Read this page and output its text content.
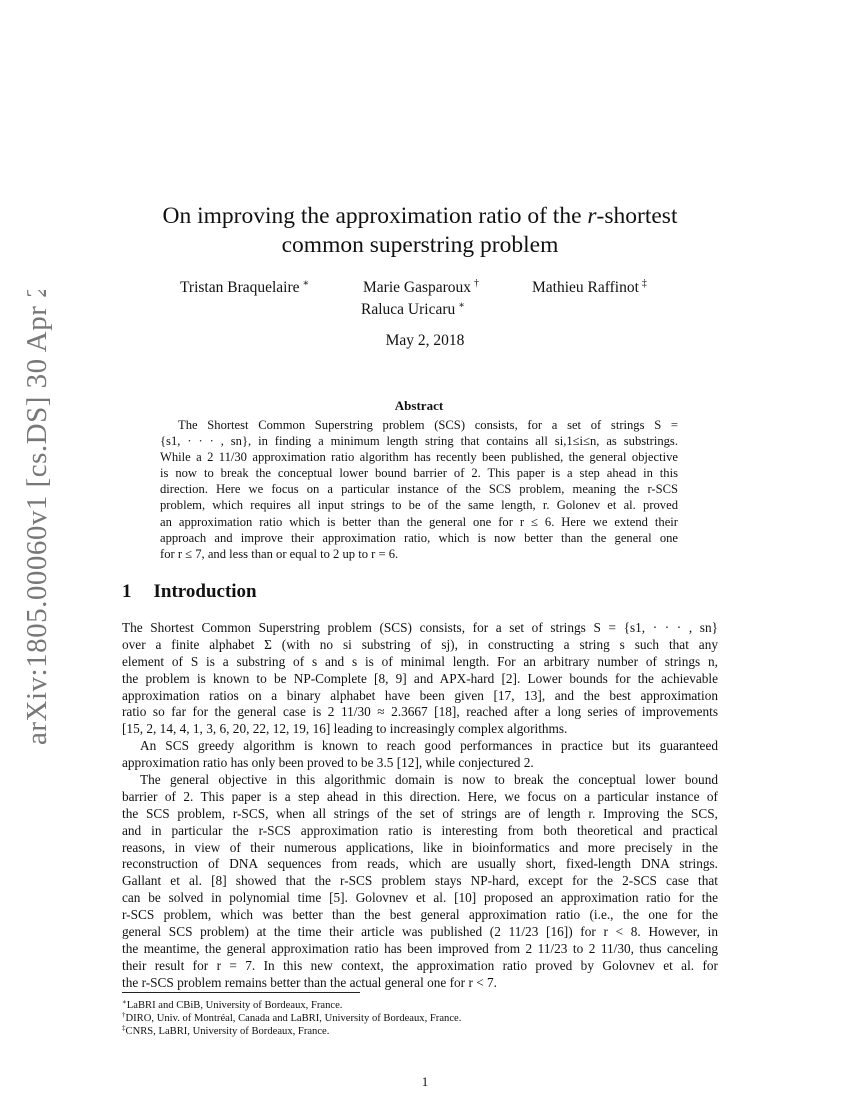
arXiv:1805.00060v1 [cs.DS] 30 Apr 2018
On improving the approximation ratio of the r-shortest
common superstring problem
Tristan Braquelaire ∗	Marie Gasparoux †	Mathieu Raffinot ‡
Raluca Uricaru ∗
May 2, 2018
Abstract
The Shortest Common Superstring problem (SCS) consists, for a set of strings S =
{s1, · · · , sn}, in finding a minimum length string that contains all si,1≤i≤n, as substrings.
While a 2 11/30 approximation ratio algorithm has recently been published, the general objective
is now to break the conceptual lower bound barrier of 2. This paper is a step ahead in this
direction. Here we focus on a particular instance of the SCS problem, meaning the r-SCS
problem, which requires all input strings to be of the same length, r. Golonev et al. proved
an approximation ratio which is better than the general one for r ≤ 6. Here we extend their
approach and improve their approximation ratio, which is now better than the general one
for r ≤ 7, and less than or equal to 2 up to r = 6.
1 Introduction
The Shortest Common Superstring problem (SCS) consists, for a set of strings S = {s1, · · · , sn}
over a finite alphabet Σ (with no si substring of sj), in constructing a string s such that any
element of S is a substring of s and s is of minimal length. For an arbitrary number of strings n,
the problem is known to be NP-Complete [8, 9] and APX-hard [2]. Lower bounds for the achievable
approximation ratios on a binary alphabet have been given [17, 13], and the best approximation
ratio so far for the general case is 2 11/30 ≈ 2.3667 [18], reached after a long series of improvements
[15, 2, 14, 4, 1, 3, 6, 20, 22, 12, 19, 16] leading to increasingly complex algorithms.
An SCS greedy algorithm is known to reach good performances in practice but its guaranteed
approximation ratio has only been proved to be 3.5 [12], while conjectured 2.
The general objective in this algorithmic domain is now to break the conceptual lower bound
barrier of 2. This paper is a step ahead in this direction. Here, we focus on a particular instance of
the SCS problem, r-SCS, when all strings of the set of strings are of length r. Improving the SCS,
and in particular the r-SCS approximation ratio is interesting from both theoretical and practical
reasons, in view of their numerous applications, like in bioinformatics and more precisely in the
reconstruction of DNA sequences from reads, which are usually short, fixed-length DNA strings.
Gallant et al. [8] showed that the r-SCS problem stays NP-hard, except for the 2-SCS case that
can be solved in polynomial time [5]. Golovnev et al. [10] proposed an approximation ratio for the
r-SCS problem, which was better than the best general approximation ratio (i.e., the one for the
general SCS problem) at the time their article was published (2 11/23 [16]) for r < 8. However, in
the meantime, the general approximation ratio has been improved from 2 11/23 to 2 11/30, thus canceling
their result for r = 7. In this new context, the approximation ratio proved by Golovnev et al. for
the r-SCS problem remains better than the actual general one for r < 7.
∗LaBRI and CBiB, University of Bordeaux, France.
†DIRO, Univ. of Montréal, Canada and LaBRI, University of Bordeaux, France.
‡CNRS, LaBRI, University of Bordeaux, France.
1
